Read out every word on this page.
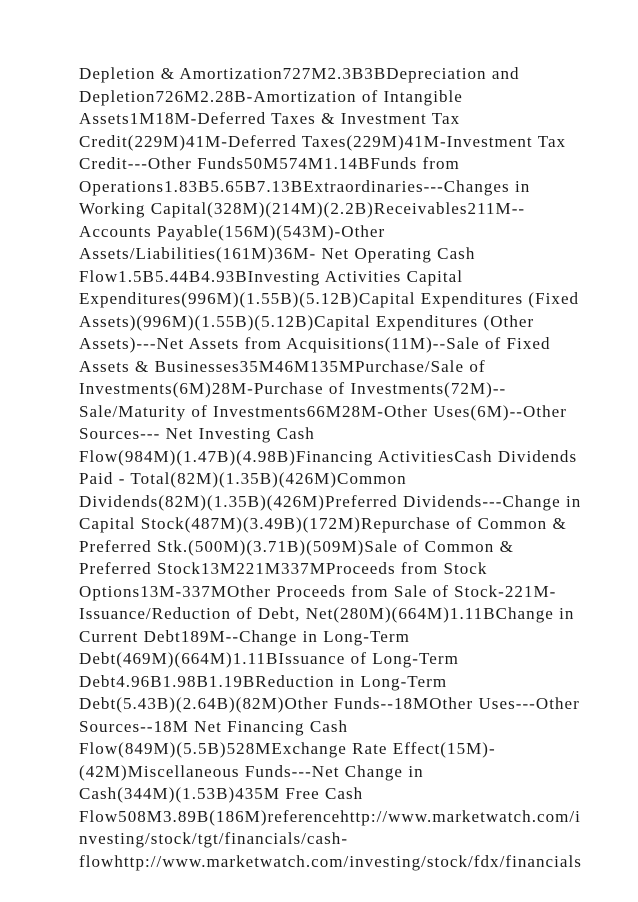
Depletion & Amortization727M2.3B3BDepreciation and
Depletion726M2.28B-Amortization of Intangible
Assets1M18M-Deferred Taxes & Investment Tax
Credit(229M)41M-Deferred Taxes(229M)41M-Investment Tax
Credit---Other Funds50M574M1.14BFunds from
Operations1.83B5.65B7.13BExtraordinaries---Changes in
Working Capital(328M)(214M)(2.2B)Receivables211M--
Accounts Payable(156M)(543M)-Other
Assets/Liabilities(161M)36M- Net Operating Cash
Flow1.5B5.44B4.93BInvesting Activities Capital
Expenditures(996M)(1.55B)(5.12B)Capital Expenditures (Fixed
Assets)(996M)(1.55B)(5.12B)Capital Expenditures (Other
Assets)---Net Assets from Acquisitions(11M)--Sale of Fixed
Assets & Businesses35M46M135MPurchase/Sale of
Investments(6M)28M-Purchase of Investments(72M)--
Sale/Maturity of Investments66M28M-Other Uses(6M)--Other
Sources--- Net Investing Cash
Flow(984M)(1.47B)(4.98B)Financing ActivitiesCash Dividends
Paid - Total(82M)(1.35B)(426M)Common
Dividends(82M)(1.35B)(426M)Preferred Dividends---Change in
Capital Stock(487M)(3.49B)(172M)Repurchase of Common &
Preferred Stk.(500M)(3.71B)(509M)Sale of Common &
Preferred Stock13M221M337MProceeds from Stock
Options13M-337MOther Proceeds from Sale of Stock-221M-
Issuance/Reduction of Debt, Net(280M)(664M)1.11BChange in
Current Debt189M--Change in Long-Term
Debt(469M)(664M)1.11BIssuance of Long-Term
Debt4.96B1.98B1.19BReduction in Long-Term
Debt(5.43B)(2.64B)(82M)Other Funds--18MOther Uses---Other
Sources--18M Net Financing Cash
Flow(849M)(5.5B)528MExchange Rate Effect(15M)-
(42M)Miscellaneous Funds---Net Change in
Cash(344M)(1.53B)435M Free Cash
Flow508M3.89B(186M)referencehttp://www.marketwatch.com/i
nvesting/stock/tgt/financials/cash-
flowhttp://www.marketwatch.com/investing/stock/fdx/financials
